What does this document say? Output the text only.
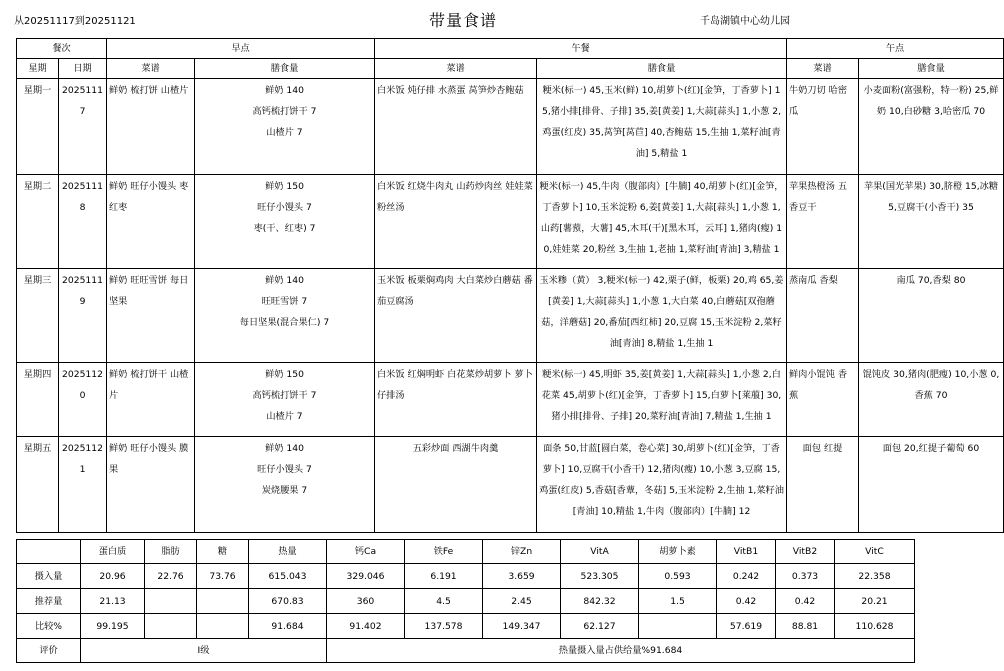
从20251117到20251121	带量食谱	千岛湖镇中心幼儿园
餐次		早点		午餐		午点	
星期	日期	菜谱	膳食量	菜谱	膳食量	菜谱	膳食量
星期一	20251117	鲜奶 梳打饼 山楂片	鲜奶 140
高钙梳打饼干 7
山楂片 7	白米饭 炖仔排 水蒸蛋 莴笋炒杏鲍菇	粳米(标一) 45,玉米(鲜) 10,胡萝卜(红)[金笋，丁香萝卜] 15,猪小排[排骨、子排] 35,姜[黄姜] 1,大蒜[蒜头] 1,小葱 2,鸡蛋(红皮) 35,莴笋[莴苣] 40,杏鲍菇 15,生抽 1,菜籽油[青油] 5,精盐 1	牛奶刀切 哈密瓜	小麦面粉(富强粉，特一粉) 25,鲜奶 10,白砂糖 3,哈密瓜 70
星期二	20251118	鲜奶 旺仔小馒头 枣红枣	鲜奶 150
旺仔小馒头 7
枣(干、红枣) 7	白米饭 红烧牛肉丸 山药炒肉丝 娃娃菜粉丝汤	粳米(标一) 45,牛肉（腹部肉）[牛腩] 40,胡萝卜(红)[金笋，丁香萝卜] 10,玉米淀粉 6,姜[黄姜] 1,大蒜[蒜头] 1,小葱 1,山药[薯蓣，大薯] 45,木耳(干)[黑木耳，云耳] 1,猪肉(瘦) 10,娃娃菜 20,粉丝 3,生抽 1,老抽 1,菜籽油[青油] 3,精盐 1	苹果热橙汤 五香豆干	苹果(国光苹果) 30,脐橙 15,冰糖 5,豆腐干(小香干) 35
星期三	20251119	鲜奶 旺旺雪饼 每日坚果	鲜奶 140
旺旺雪饼 7
每日坚果(混合果仁) 7	玉米饭 板栗焖鸡肉 大白菜炒白蘑菇 番茄豆腐汤	玉米糁（黄） 3,粳米(标一) 42,栗子(鲜，板栗) 20,鸡 65,姜[黄姜] 1,大蒜[蒜头] 1,小葱 1,大白菜 40,白蘑菇[双孢蘑菇，洋蘑菇] 20,番茄[西红柿] 20,豆腐 15,玉米淀粉 2,菜籽油[青油] 8,精盐 1,生抽 1	蒸南瓜 香梨	南瓜 70,香梨 80
星期四	20251120	鲜奶 梳打饼干 山楂片	鲜奶 150
高钙梳打饼干 7
山楂片 7	白米饭 红焖明虾 白花菜炒胡萝卜 萝卜仔排汤	粳米(标一) 45,明虾 35,姜[黄姜] 1,大蒜[蒜头] 1,小葱 2,白花菜 45,胡萝卜(红)[金笋，丁香萝卜] 15,白萝卜[莱菔] 30,猪小排[排骨、子排] 20,菜籽油[青油] 7,精盐 1,生抽 1	鲜肉小馄饨 香蕉	馄饨皮 30,猪肉(肥瘦) 10,小葱 0,香蕉 70
星期五	20251121	鲜奶 旺仔小馒头 膜果	鲜奶 140
旺仔小馒头 7
炭烧腰果 7	五彩炒面 西湖牛肉羹	面条 50,甘蓝[圆白菜，卷心菜] 30,胡萝卜(红)[金笋，丁香萝卜] 10,豆腐干(小香干) 12,猪肉(瘦) 10,小葱 3,豆腐 15,鸡蛋(红皮) 5,香菇[香蕈，冬菇] 5,玉米淀粉 2,生抽 1,菜籽油[青油] 10,精盐 1,牛肉（腹部肉）[牛腩] 12	面包 红提	面包 20,红提子葡萄 60
	蛋白质	脂肪	糖	热量	钙Ca	铁Fe	锌Zn	VitA	胡萝卜素	VitB1	VitB2	VitC
摄入量	20.96	22.76	73.76	615.043	329.046	6.191	3.659	523.305	0.593	0.242	0.373	22.358
推荐量	21.13			670.83	360	4.5	2.45	842.32	1.5	0.42	0.42	20.21
比较%	99.195			91.684	91.402	137.578	149.347	62.127		57.619	88.81	110.628
评价	Ⅰ级				热量摄入量占供给量%91.684							
